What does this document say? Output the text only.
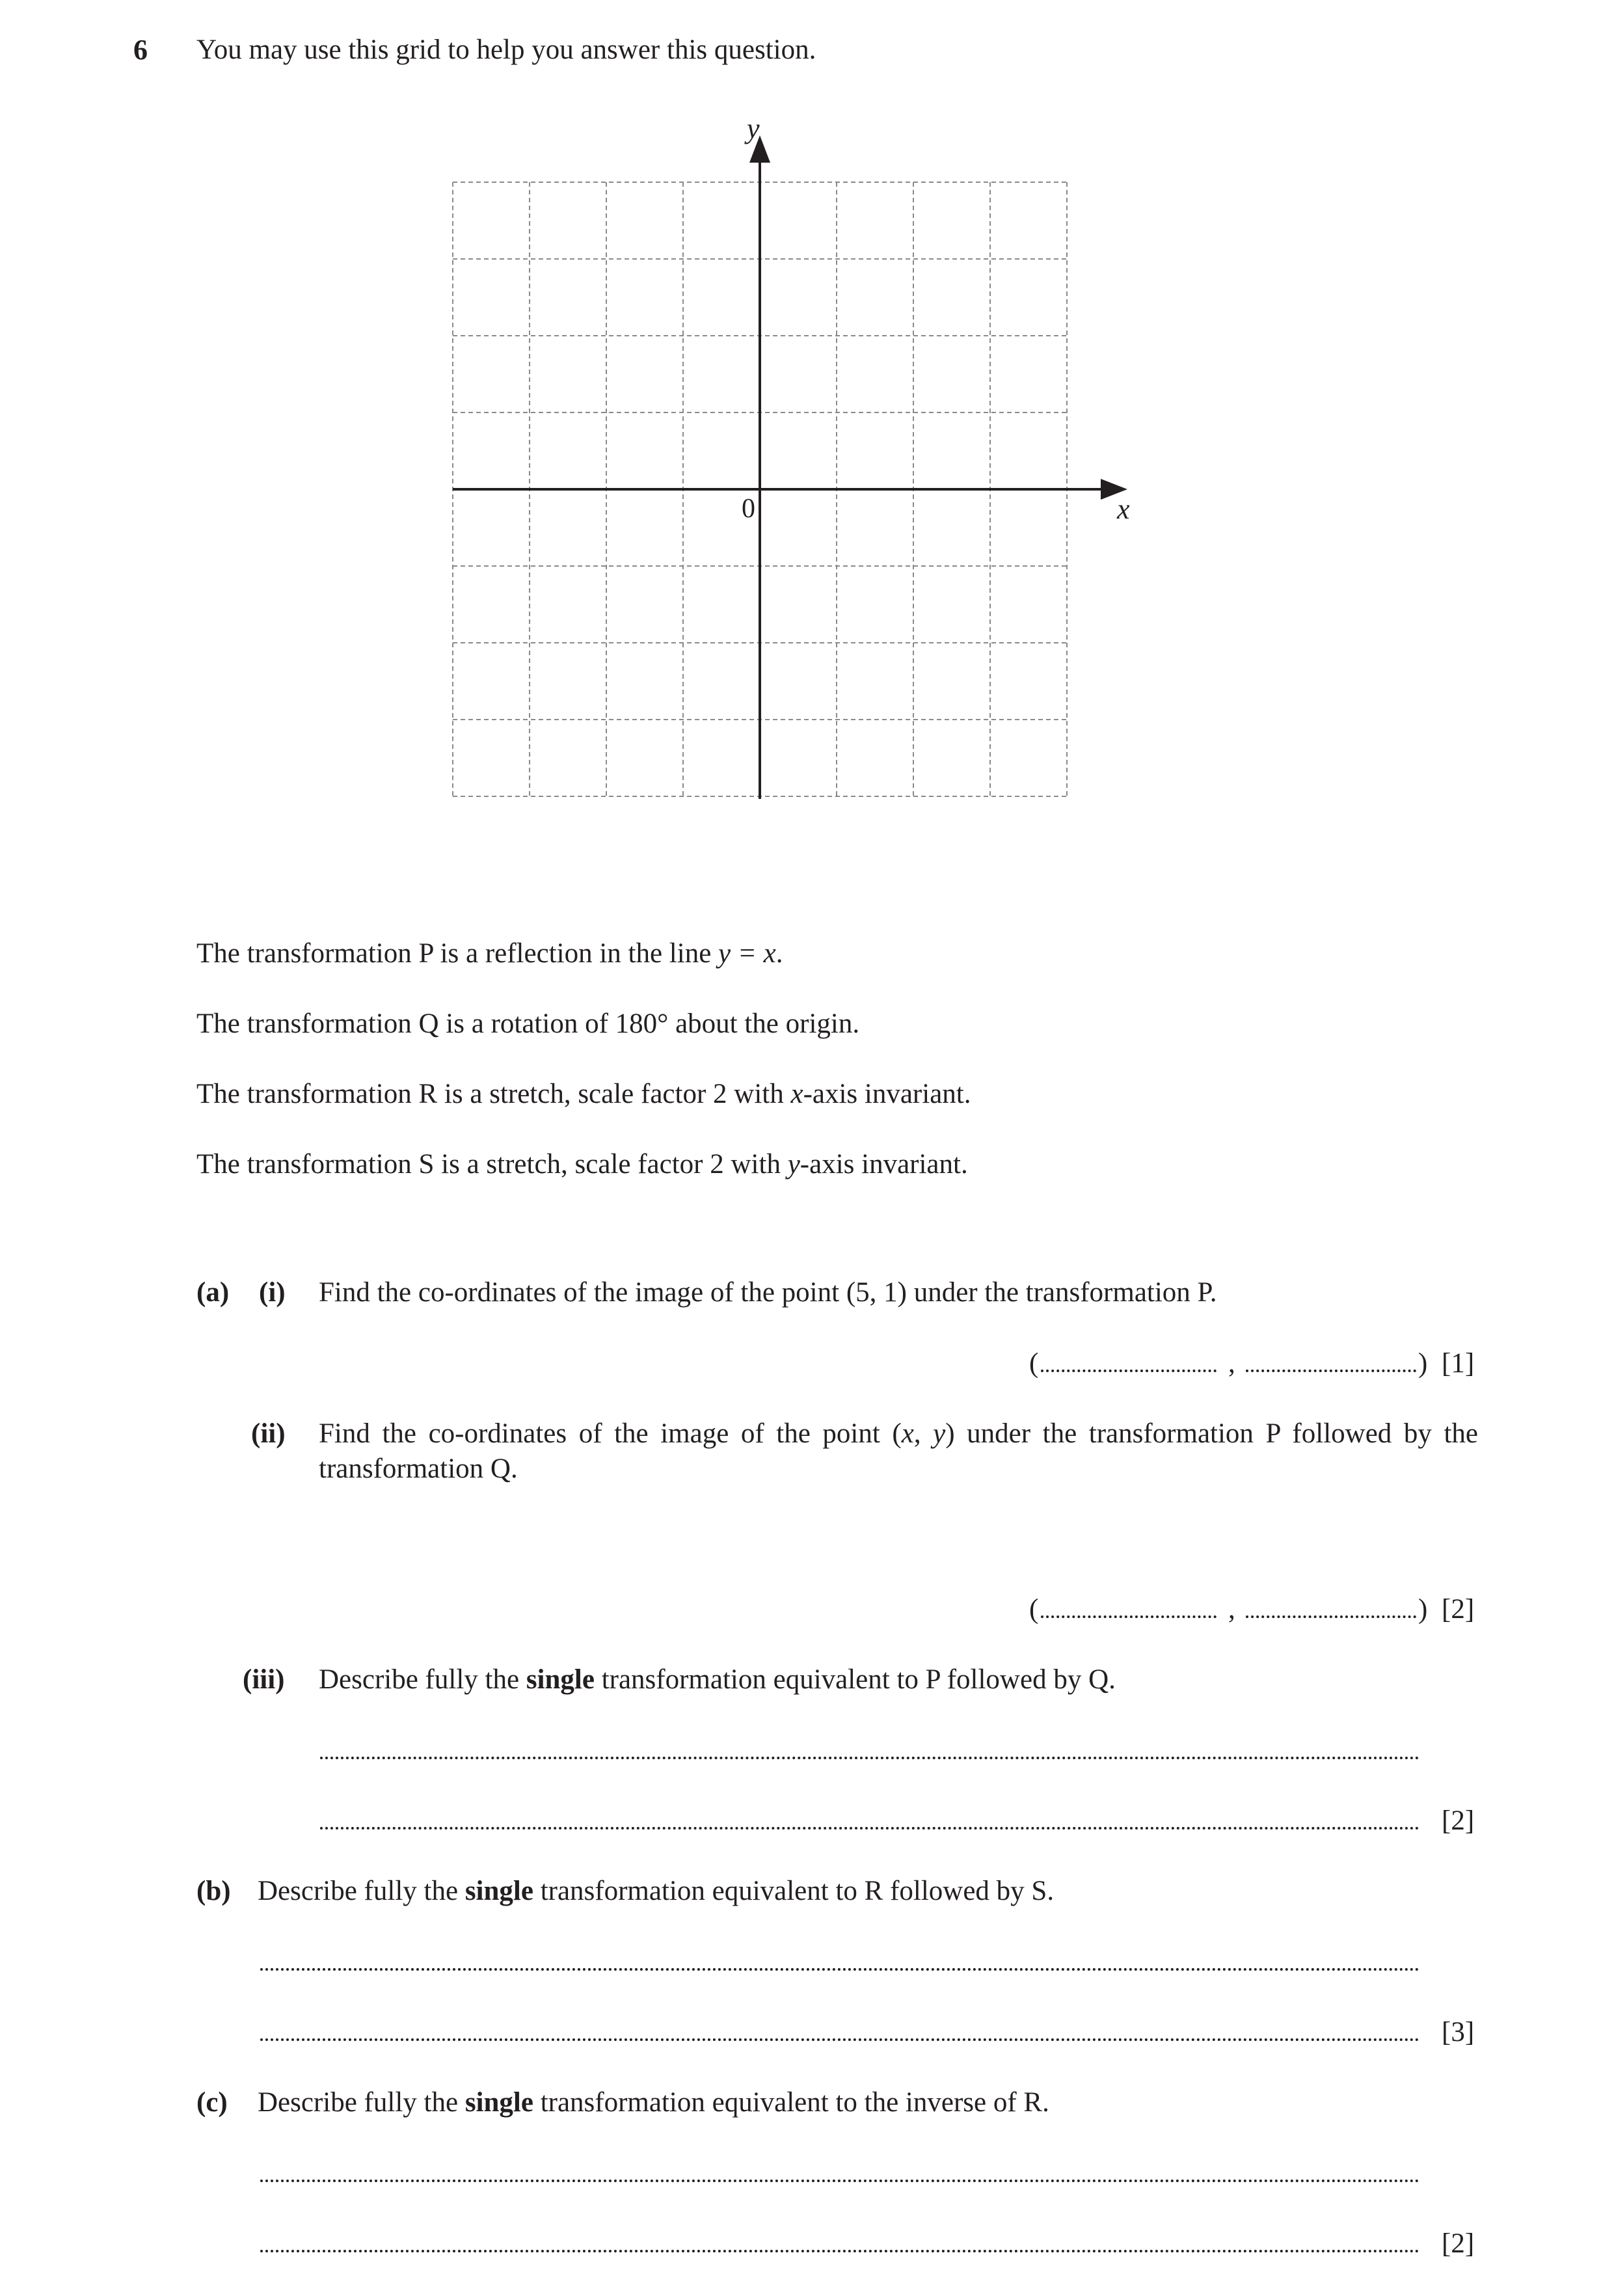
6 You may use this grid to help you answer this question.
y
x
0
The transformation P is a reflection in the line y = x.
The transformation Q is a rotation of 180° about the origin.
The transformation R is a stretch, scale factor 2 with x-axis invariant.
The transformation S is a stretch, scale factor 2 with y-axis invariant.
(a) (i) Find the co-ordinates of the image of the point (5, 1) under the transformation P.
(	,	) [1]
(ii) Find the co-ordinates of the image of the point (x, y) under the transformation P followed by the
transformation Q.
(	,	) [2]
(iii) Describe fully the single transformation equivalent to P followed by Q.
[2]
(b) Describe fully the single transformation equivalent to R followed by S.
[3]
(c) Describe fully the single transformation equivalent to the inverse of R.
[2]
